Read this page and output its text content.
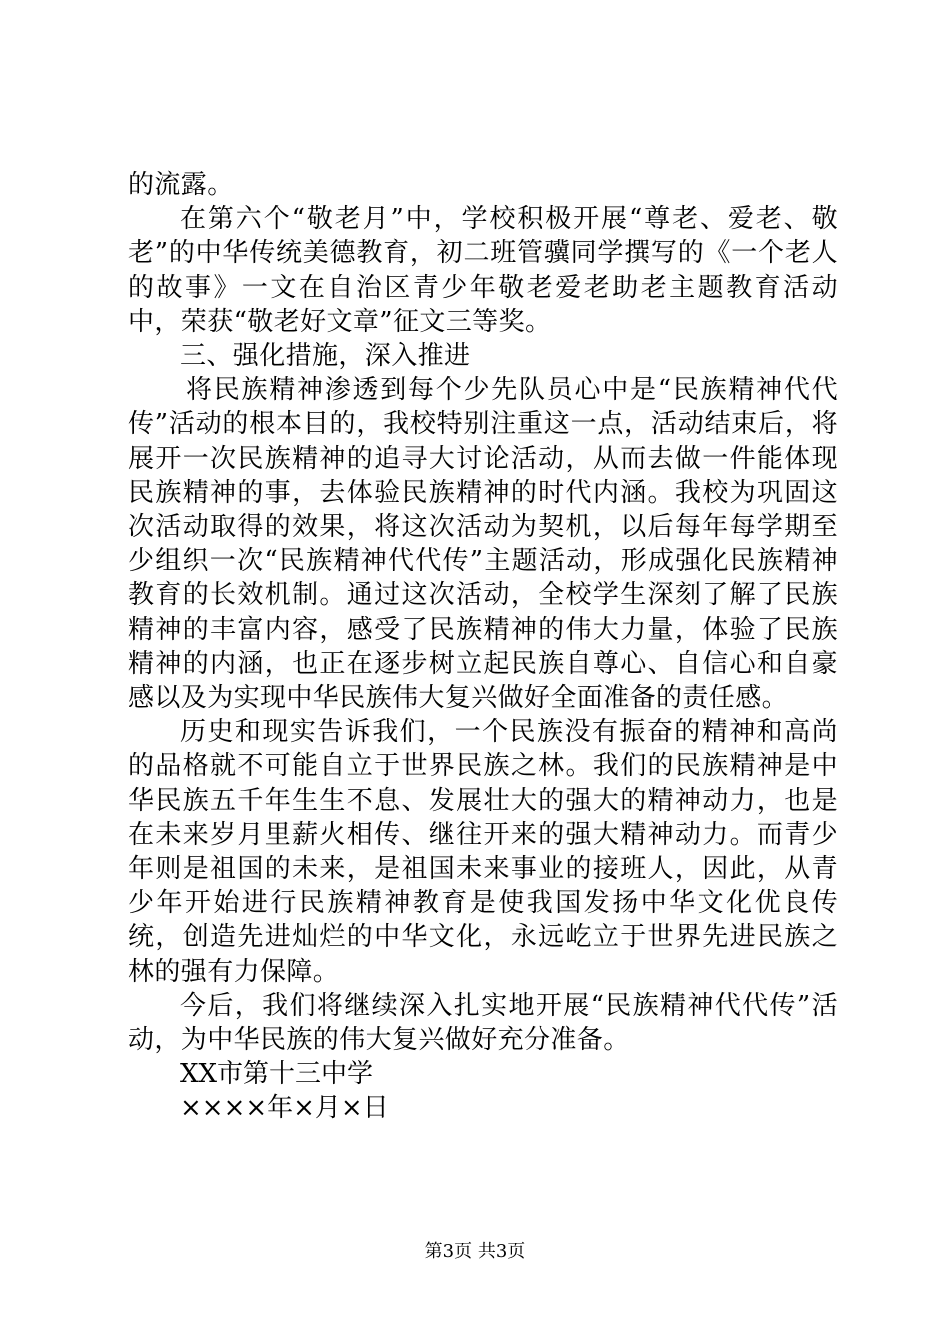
的流露。

在第六个“敬老月”中，学校积极开展“尊老、爱老、敬老”的中华传统美德教育，初二班管骥同学撰写的《一个老人的故事》一文在自治区青少年敬老爱老助老主题教育活动中，荣获“敬老好文章”征文三等奖。

三、强化措施，深入推进

将民族精神渗透到每个少先队员心中是“民族精神代代传”活动的根本目的，我校特别注重这一点，活动结束后，将展开一次民族精神的追寻大讨论活动，从而去做一件能体现民族精神的事，去体验民族精神的时代内涵。我校为巩固这次活动取得的效果，将这次活动为契机，以后每年每学期至少组织一次“民族精神代代传”主题活动，形成强化民族精神教育的长效机制。通过这次活动，全校学生深刻了解了民族精神的丰富内容，感受了民族精神的伟大力量，体验了民族精神的内涵，也正在逐步树立起民族自尊心、自信心和自豪感以及为实现中华民族伟大复兴做好全面准备的责任感。

历史和现实告诉我们，一个民族没有振奋的精神和高尚的品格就不可能自立于世界民族之林。我们的民族精神是中华民族五千年生生不息、发展壮大的强大的精神动力，也是在未来岁月里薪火相传、继往开来的强大精神动力。而青少年则是祖国的未来，是祖国未来事业的接班人，因此，从青少年开始进行民族精神教育是使我国发扬中华文化优良传统，创造先进灿烂的中华文化，永远屹立于世界先进民族之林的强有力保障。

今后，我们将继续深入扎实地开展“民族精神代代传”活动，为中华民族的伟大复兴做好充分准备。

XX市第十三中学

××××年×月×日

第3页 共3页
